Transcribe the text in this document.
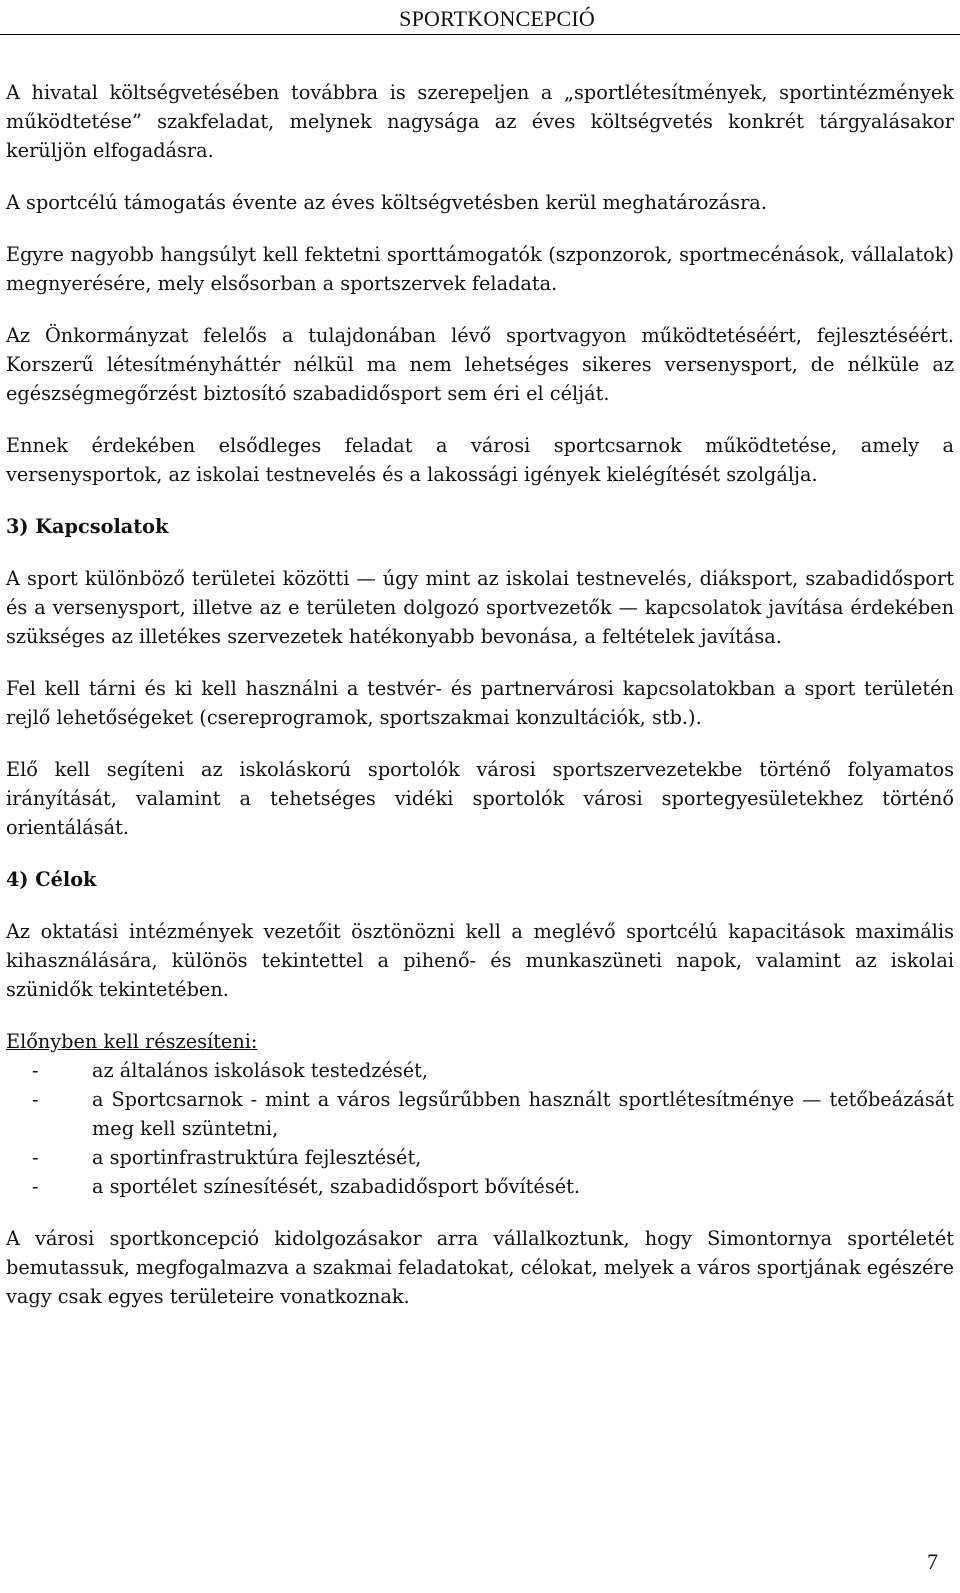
SPORTKONCEPCIÓ

A hivatal költségvetésében továbbra is szerepeljen a „sportlétesítmények, sportintézmények működtetése” szakfeladat, melynek nagysága az éves költségvetés konkrét tárgyalásakor kerüljön elfogadásra.

A sportcélú támogatás évente az éves költségvetésben kerül meghatározásra.

Egyre nagyobb hangsúlyt kell fektetni sporttámogatók (szponzorok, sportmecénások, vállalatok) megnyerésére, mely elsősorban a sportszervek feladata.

Az Önkormányzat felelős a tulajdonában lévő sportvagyon működtetéséért, fejlesztéséért. Korszerű létesítményháttér nélkül ma nem lehetséges sikeres versenysport, de nélküle az egészségmegőrzést biztosító szabadidősport sem éri el célját.

Ennek érdekében elsődleges feladat a városi sportcsarnok működtetése, amely a versenysportok, az iskolai testnevelés és a lakossági igények kielégítését szolgálja.

3) Kapcsolatok

A sport különböző területei közötti — úgy mint az iskolai testnevelés, diáksport, szabadidősport és a versenysport, illetve az e területen dolgozó sportvezetők — kapcsolatok javítása érdekében szükséges az illetékes szervezetek hatékonyabb bevonása, a feltételek javítása.

Fel kell tárni és ki kell használni a testvér- és partnervárosi kapcsolatokban a sport területén rejlő lehetőségeket (csereprogramok, sportszakmai konzultációk, stb.).

Elő kell segíteni az iskoláskorú sportolók városi sportszervezetekbe történő folyamatos irányítását, valamint a tehetséges vidéki sportolók városi sportegyesületekhez történő orientálását.

4) Célok

Az oktatási intézmények vezetőit ösztönözni kell a meglévő sportcélú kapacitások maximális kihasználására, különös tekintettel a pihenő- és munkaszüneti napok, valamint az iskolai szünidők tekintetében.

Előnyben kell részesíteni:
-	az általános iskolások testedzését,
-	a Sportcsarnok - mint a város legsűrűbben használt sportlétesítménye — tetőbeázását meg kell szüntetni,
-	a sportinfrastruktúra fejlesztését,
-	a sportélet színesítését, szabadidősport bővítését.

A városi sportkoncepció kidolgozásakor arra vállalkoztunk, hogy Simontornya sportéletét bemutassuk, megfogalmazva a szakmai feladatokat, célokat, melyek a város sportjának egészére vagy csak egyes területeire vonatkoznak.

7
